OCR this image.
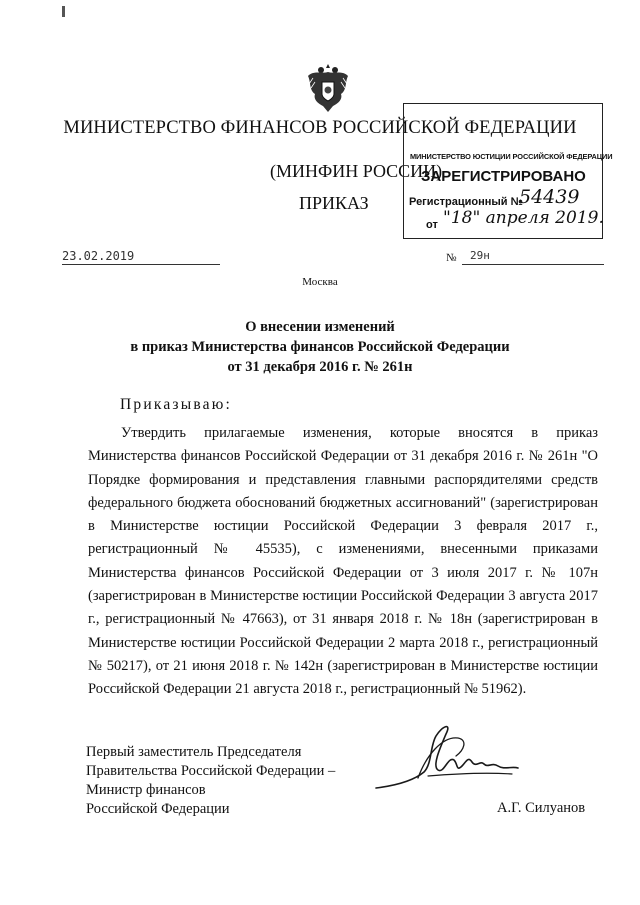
МИНИСТЕРСТВО ФИНАНСОВ РОССИЙСКОЙ ФЕДЕРАЦИИ
(МИНФИН РОССИИ)
ПРИКАЗ
МИНИСТЕРСТВО ЮСТИЦИИ РОССИЙСКОЙ ФЕДЕРАЦИИ
ЗАРЕГИСТРИРОВАНО
Регистрационный №
54439
от "18" апреля 2019.
23.02.2019	№ 29н
Москва
О внесении изменений
в приказ Министерства финансов Российской Федерации
от 31 декабря 2016 г. № 261н
Приказываю:
Утвердить прилагаемые изменения, которые вносятся в приказ Министерства финансов Российской Федерации от 31 декабря 2016 г. № 261н "О Порядке формирования и представления главными распорядителями средств федерального бюджета обоснований бюджетных ассигнований" (зарегистрирован в Министерстве юстиции Российской Федерации 3 февраля 2017 г., регистрационный № 45535), с изменениями, внесенными приказами Министерства финансов Российской Федерации от 3 июля 2017 г. № 107н (зарегистрирован в Министерстве юстиции Российской Федерации 3 августа 2017 г., регистрационный № 47663), от 31 января 2018 г. № 18н (зарегистрирован в Министерстве юстиции Российской Федерации 2 марта 2018 г., регистрационный № 50217), от 21 июня 2018 г. № 142н (зарегистрирован в Министерстве юстиции Российской Федерации 21 августа 2018 г., регистрационный № 51962).
Первый заместитель Председателя
Правительства Российской Федерации –
Министр финансов
Российской Федерации	А.Г. Силуанов
